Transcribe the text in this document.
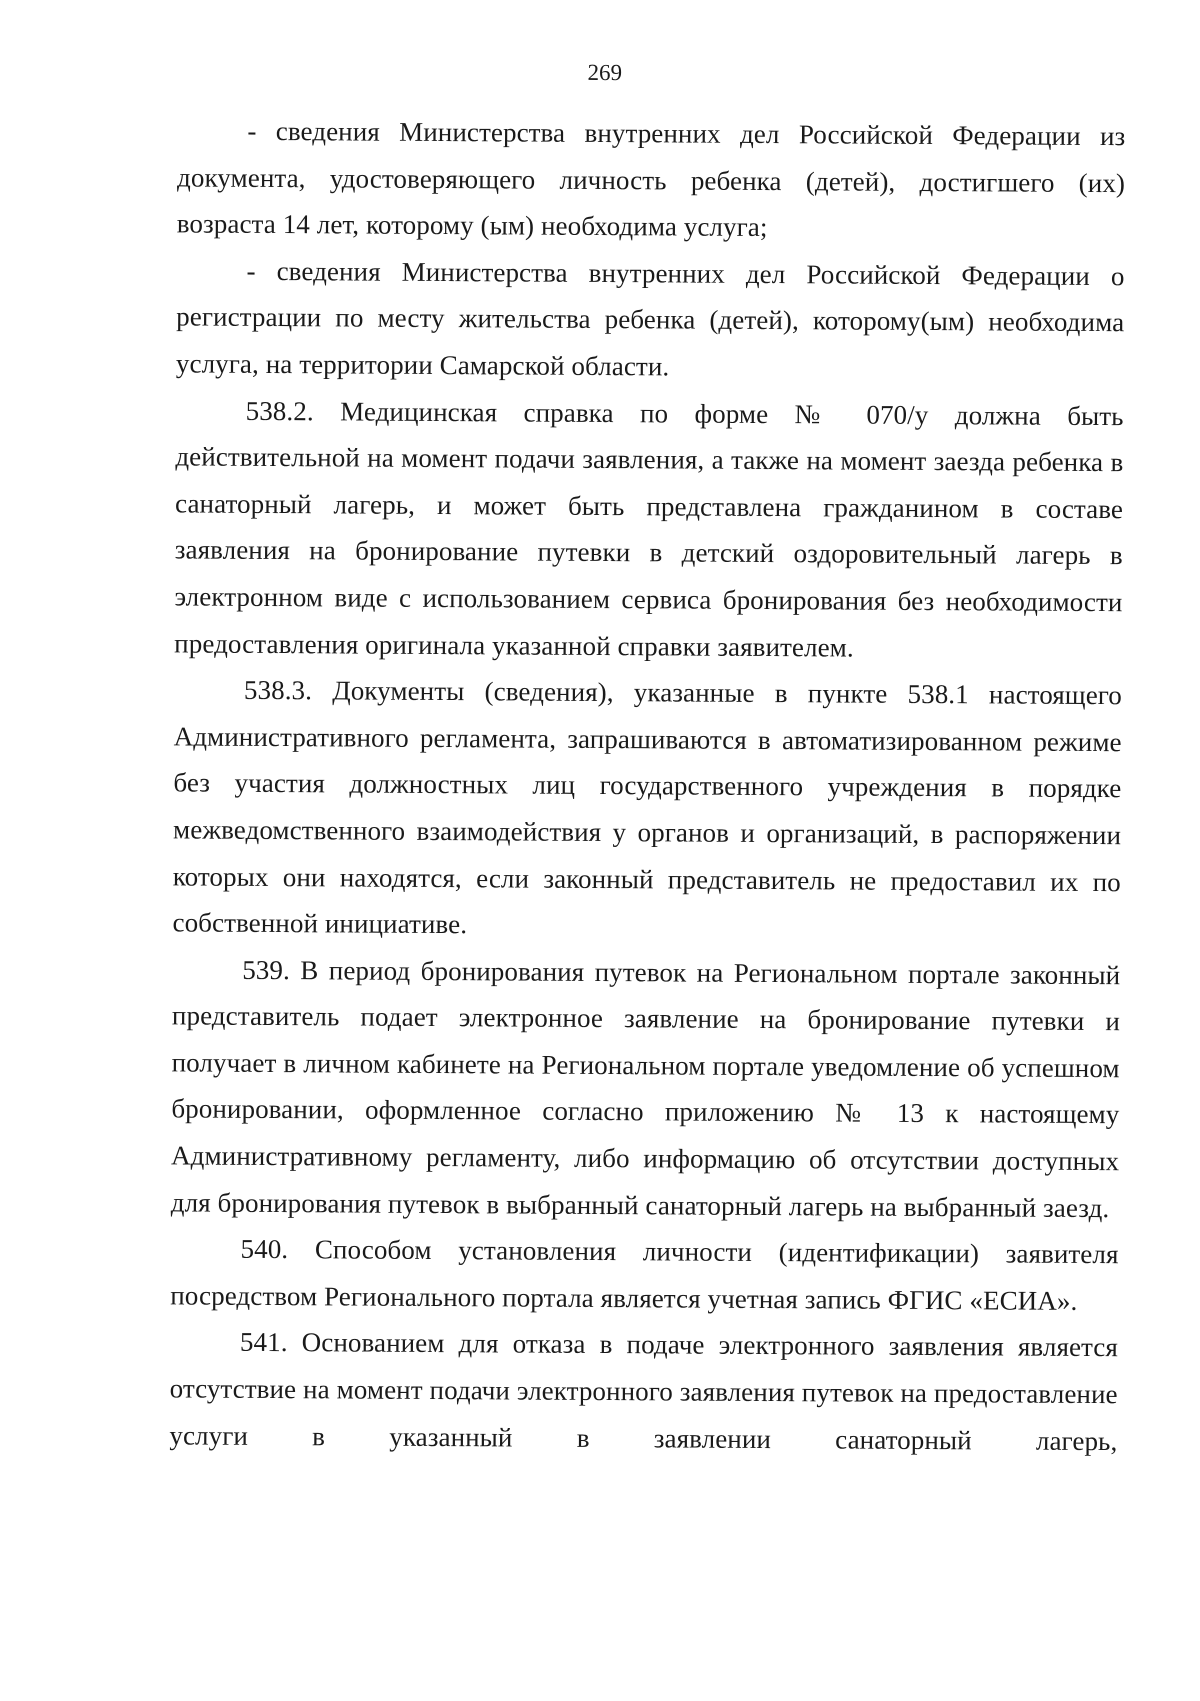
269

- сведения Министерства внутренних дел Российской Федерации из документа, удостоверяющего личность ребенка (детей), достигшего (их) возраста 14 лет, которому (ым) необходима услуга;

- сведения Министерства внутренних дел Российской Федерации о регистрации по месту жительства ребенка (детей), которому(ым) необходима услуга, на территории Самарской области.

538.2. Медицинская справка по форме № 070/у должна быть действительной на момент подачи заявления, а также на момент заезда ребенка в санаторный лагерь, и может быть представлена гражданином в составе заявления на бронирование путевки в детский оздоровительный лагерь в электронном виде с использованием сервиса бронирования без необходимости предоставления оригинала указанной справки заявителем.

538.3. Документы (сведения), указанные в пункте 538.1 настоящего Административного регламента, запрашиваются в автоматизированном режиме без участия должностных лиц государственного учреждения в порядке межведомственного взаимодействия у органов и организаций, в распоряжении которых они находятся, если законный представитель не предоставил их по собственной инициативе.

539. В период бронирования путевок на Региональном портале законный представитель подает электронное заявление на бронирование путевки и получает в личном кабинете на Региональном портале уведомление об успешном бронировании, оформленное согласно приложению № 13 к настоящему Административному регламенту, либо информацию об отсутствии доступных для бронирования путевок в выбранный санаторный лагерь на выбранный заезд.

540. Способом установления личности (идентификации) заявителя посредством Регионального портала является учетная запись ФГИС «ЕСИА».

541. Основанием для отказа в подаче электронного заявления является отсутствие на момент подачи электронного заявления путевок на предоставление услуги в указанный в заявлении санаторный лагерь,
